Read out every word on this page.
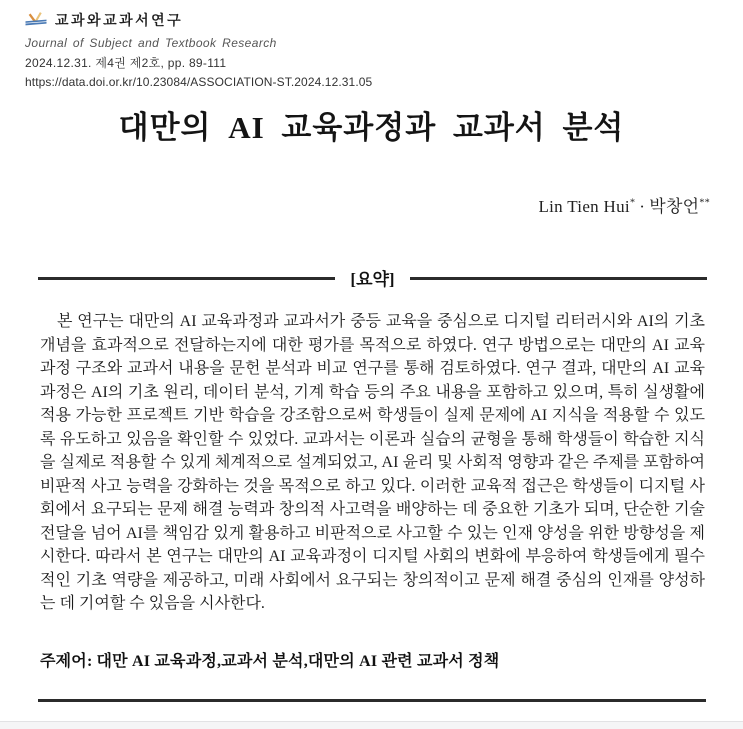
교과와교과서연구
Journal of Subject and Textbook Research
2024.12.31. 제4권 제2호, pp. 89-111
https://data.doi.or.kr/10.23084/ASSOCIATION-ST.2024.12.31.05
대만의 AI 교육과정과 교과서 분석
Lin Tien Hui* · 박창언**
[요약]

본 연구는 대만의 AI 교육과정과 교과서가 중등 교육을 중심으로 디지털 리터러시와 AI의 기초 개념을 효과적으로 전달하는지에 대한 평가를 목적으로 하였다. 연구 방법으로는 대만의 AI 교육과정 구조와 교과서 내용을 문헌 분석과 비교 연구를 통해 검토하였다. 연구 결과, 대만의 AI 교육과정은 AI의 기초 원리, 데이터 분석, 기계 학습 등의 주요 내용을 포함하고 있으며, 특히 실생활에 적용 가능한 프로젝트 기반 학습을 강조함으로써 학생들이 실제 문제에 AI 지식을 적용할 수 있도록 유도하고 있음을 확인할 수 있었다. 교과서는 이론과 실습의 균형을 통해 학생들이 학습한 지식을 실제로 적용할 수 있게 체계적으로 설계되었고, AI 윤리 및 사회적 영향과 같은 주제를 포함하여 비판적 사고 능력을 강화하는 것을 목적으로 하고 있다. 이러한 교육적 접근은 학생들이 디지털 사회에서 요구되는 문제 해결 능력과 창의적 사고력을 배양하는 데 중요한 기초가 되며, 단순한 기술 전달을 넘어 AI를 책임감 있게 활용하고 비판적으로 사고할 수 있는 인재 양성을 위한 방향성을 제시한다. 따라서 본 연구는 대만의 AI 교육과정이 디지털 사회의 변화에 부응하여 학생들에게 필수적인 기초 역량을 제공하고, 미래 사회에서 요구되는 창의적이고 문제 해결 중심의 인재를 양성하는 데 기여할 수 있음을 시사한다.

주제어: 대만 AI 교육과정,교과서 분석,대만의 AI 관련 교과서 정책
